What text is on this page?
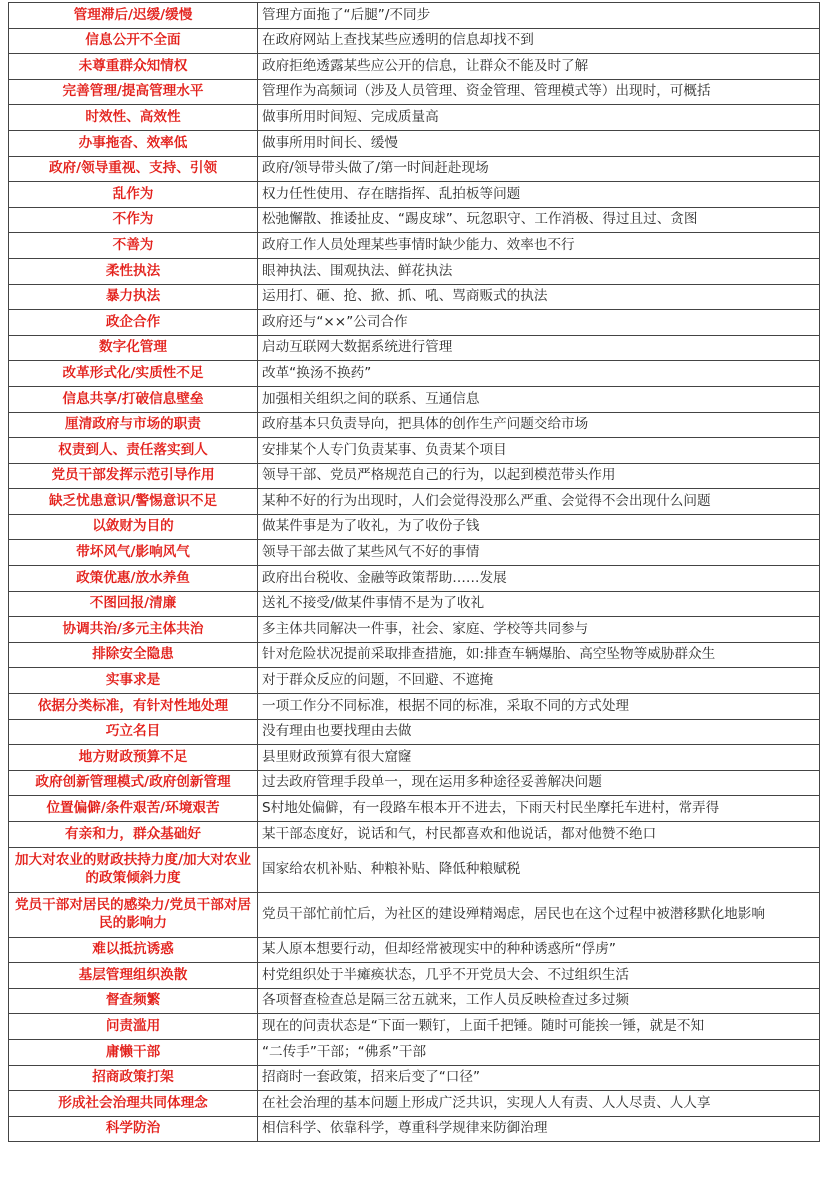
管理滞后/迟缓/缓慢	管理方面拖了“后腿”/不同步
信息公开不全面	在政府网站上查找某些应透明的信息却找不到
未尊重群众知情权	政府拒绝透露某些应公开的信息，让群众不能及时了解
完善管理/提高管理水平	管理作为高频词（涉及人员管理、资金管理、管理模式等）出现时，可概括
时效性、高效性	做事所用时间短、完成质量高
办事拖沓、效率低	做事所用时间长、缓慢
政府/领导重视、支持、引领	政府/领导带头做了/第一时间赶赴现场
乱作为	权力任性使用、存在瞎指挥、乱拍板等问题
不作为	松弛懈散、推诿扯皮、“踢皮球”、玩忽职守、工作消极、得过且过、贪图
不善为	政府工作人员处理某些事情时缺少能力、效率也不行
柔性执法	眼神执法、围观执法、鲜花执法
暴力执法	运用打、砸、抢、掀、抓、吼、骂商贩式的执法
政企合作	政府还与“××”公司合作
数字化管理	启动互联网大数据系统进行管理
改革形式化/实质性不足	改革“换汤不换药”
信息共享/打破信息壁垒	加强相关组织之间的联系、互通信息
厘清政府与市场的职责	政府基本只负责导向，把具体的创作生产问题交给市场
权责到人、责任落实到人	安排某个人专门负责某事、负责某个项目
党员干部发挥示范引导作用	领导干部、党员严格规范自己的行为，以起到模范带头作用
缺乏忧患意识/警惕意识不足	某种不好的行为出现时，人们会觉得没那么严重、会觉得不会出现什么问题
以敛财为目的	做某件事是为了收礼，为了收份子钱
带坏风气/影响风气	领导干部去做了某些风气不好的事情
政策优惠/放水养鱼	政府出台税收、金融等政策帮助……发展
不图回报/清廉	送礼不接受/做某件事情不是为了收礼
协调共治/多元主体共治	多主体共同解决一件事，社会、家庭、学校等共同参与
排除安全隐患	针对危险状况提前采取排查措施，如:排查车辆爆胎、高空坠物等威胁群众生
实事求是	对于群众反应的问题，不回避、不遮掩
依据分类标准，有针对性地处理	一项工作分不同标准，根据不同的标准，采取不同的方式处理
巧立名目	没有理由也要找理由去做
地方财政预算不足	县里财政预算有很大窟窿
政府创新管理模式/政府创新管理	过去政府管理手段单一，现在运用多种途径妥善解决问题
位置偏僻/条件艰苦/环境艰苦	S村地处偏僻，有一段路车根本开不进去，下雨天村民坐摩托车进村，常弄得
有亲和力，群众基础好	某干部态度好，说话和气，村民都喜欢和他说话，都对他赞不绝口
加大对农业的财政扶持力度/加大对农业的政策倾斜力度	国家给农机补贴、种粮补贴、降低种粮赋税
党员干部对居民的感染力/党员干部对居民的影响力	党员干部忙前忙后，为社区的建设殚精竭虑，居民也在这个过程中被潜移默化地影响
难以抵抗诱惑	某人原本想要行动，但却经常被现实中的种种诱惑所“俘虏”
基层管理组织涣散	村党组织处于半瘫痪状态，几乎不开党员大会、不过组织生活
督查频繁	各项督查检查总是隔三岔五就来，工作人员反映检查过多过频
问责滥用	现在的问责状态是“下面一颗钉，上面千把锤。随时可能挨一锤，就是不知
庸懒干部	“二传手”干部；“佛系”干部
招商政策打架	招商时一套政策，招来后变了“口径”
形成社会治理共同体理念	在社会治理的基本问题上形成广泛共识，实现人人有责、人人尽责、人人享
科学防治	相信科学、依靠科学，尊重科学规律来防御治理
